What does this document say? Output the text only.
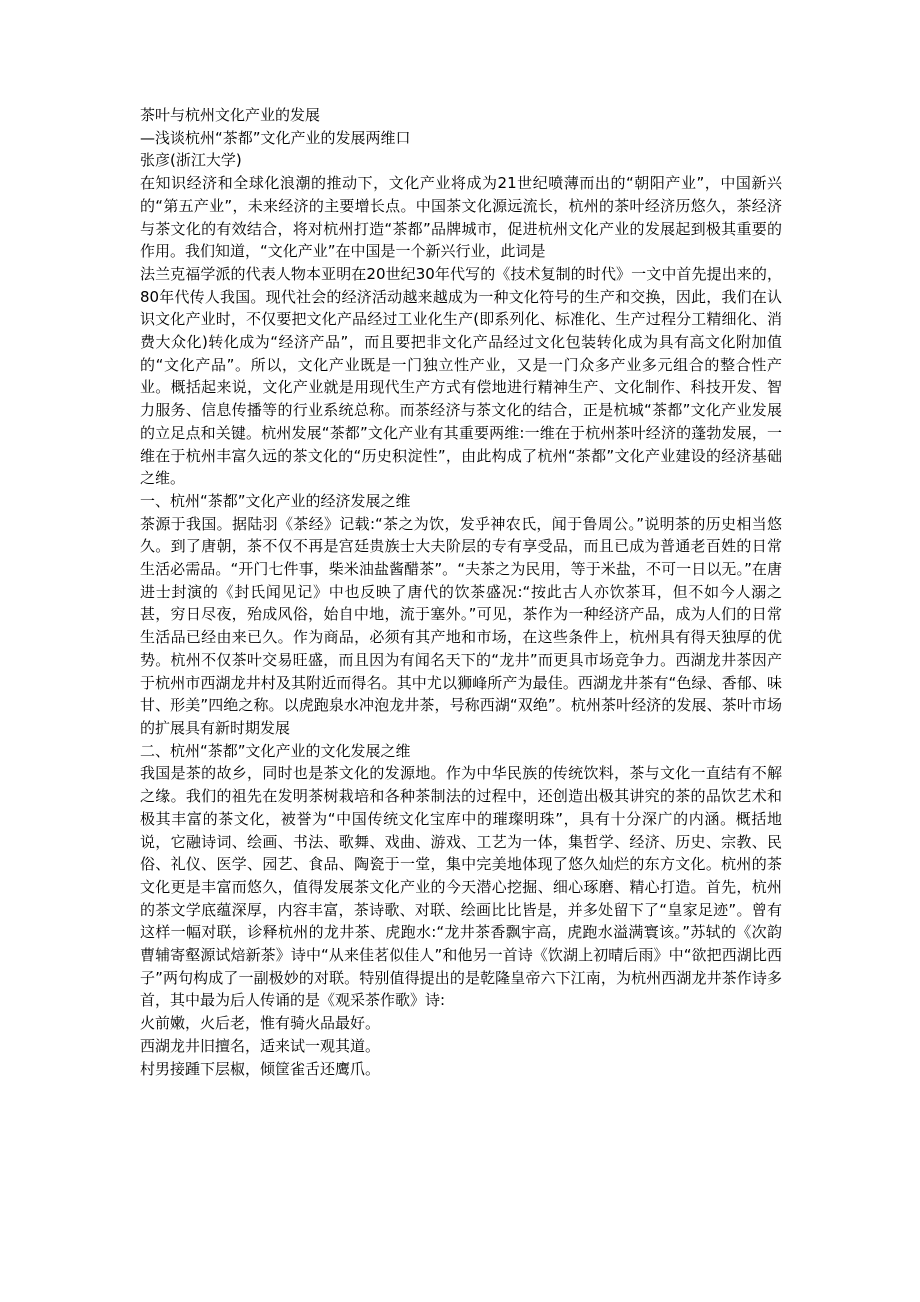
茶叶与杭州文化产业的发展

—浅谈杭州“茶都”文化产业的发展两维口

张彦(浙江大学)

在知识经济和全球化浪潮的推动下，文化产业将成为21世纪喷薄而出的“朝阳产业”，中国新兴的“第五产业”，未来经济的主要增长点。中国茶文化源远流长，杭州的茶叶经济历悠久，茶经济与茶文化的有效结合，将对杭州打造“茶都”品牌城市，促进杭州文化产业的发展起到极其重要的作用。我们知道，“文化产业”在中国是一个新兴行业，此词是

法兰克福学派的代表人物本亚明在20世纪30年代写的《技术复制的时代》一文中首先提出来的，80年代传人我国。现代社会的经济活动越来越成为一种文化符号的生产和交换，因此，我们在认识文化产业时，不仅要把文化产品经过工业化生产(即系列化、标准化、生产过程分工精细化、消费大众化)转化成为“经济产品”，而且要把非文化产品经过文化包装转化成为具有高文化附加值的“文化产品”。所以，文化产业既是一门独立性产业，又是一门众多产业多元组合的整合性产业。概括起来说，文化产业就是用现代生产方式有偿地进行精神生产、文化制作、科技开发、智力服务、信息传播等的行业系统总称。而茶经济与茶文化的结合，正是杭城“茶都”文化产业发展的立足点和关键。杭州发展“茶都”文化产业有其重要两维:一维在于杭州茶叶经济的蓬勃发展，一维在于杭州丰富久远的茶文化的“历史积淀性”，由此构成了杭州“茶都”文化产业建设的经济基础之维。

一、杭州“茶都”文化产业的经济发展之维

茶源于我国。据陆羽《茶经》记载:“茶之为饮，发乎神农氏，闻于鲁周公。”说明茶的历史相当悠久。到了唐朝，茶不仅不再是宫廷贵族士大夫阶层的专有享受品，而且已成为普通老百姓的日常生活必需品。“开门七件事，柴米油盐酱醋茶”。“夫茶之为民用，等于米盐，不可一日以无。”在唐进士封演的《封氏闻见记》中也反映了唐代的饮茶盛况:“按此古人亦饮茶耳，但不如今人溺之甚，穷日尽夜，殆成风俗，始自中地，流于塞外。”可见，茶作为一种经济产品，成为人们的日常生活品已经由来已久。作为商品，必须有其产地和市场，在这些条件上，杭州具有得天独厚的优势。杭州不仅茶叶交易旺盛，而且因为有闻名天下的“龙井”而更具市场竞争力。西湖龙井茶因产于杭州市西湖龙井村及其附近而得名。其中尤以狮峰所产为最佳。西湖龙井茶有“色绿、香郁、味甘、形美”四绝之称。以虎跑泉水冲泡龙井茶，号称西湖“双绝”。杭州茶叶经济的发展、茶叶市场的扩展具有新时期发展

二、杭州“茶都”文化产业的文化发展之维

我国是茶的故乡，同时也是茶文化的发源地。作为中华民族的传统饮料，茶与文化一直结有不解之缘。我们的祖先在发明茶树栽培和各种茶制法的过程中，还创造出极其讲究的茶的品饮艺术和极其丰富的茶文化，被誉为“中国传统文化宝库中的璀璨明珠”，具有十分深广的内涵。概括地说，它融诗词、绘画、书法、歌舞、戏曲、游戏、工艺为一体，集哲学、经济、历史、宗教、民俗、礼仪、医学、园艺、食品、陶瓷于一堂，集中完美地体现了悠久灿烂的东方文化。杭州的茶文化更是丰富而悠久，值得发展茶文化产业的今天潜心挖掘、细心琢磨、精心打造。首先，杭州的茶文学底蕴深厚，内容丰富，茶诗歌、对联、绘画比比皆是，并多处留下了“皇家足迹”。曾有这样一幅对联，诊释杭州的龙井茶、虎跑水:“龙井茶香飘宇高，虎跑水溢满寰该。”苏轼的《次韵曹辅寄壑源试焙新茶》诗中“从来佳茗似佳人”和他另一首诗《饮湖上初晴后雨》中“欲把西湖比西子”两句构成了一副极妙的对联。特别值得提出的是乾隆皇帝六下江南，为杭州西湖龙井茶作诗多首，其中最为后人传诵的是《观采茶作歌》诗:

火前嫩，火后老，惟有骑火品最好。

西湖龙井旧擅名，适来试一观其道。

村男接踵下层椒，倾筐雀舌还鹰爪。
